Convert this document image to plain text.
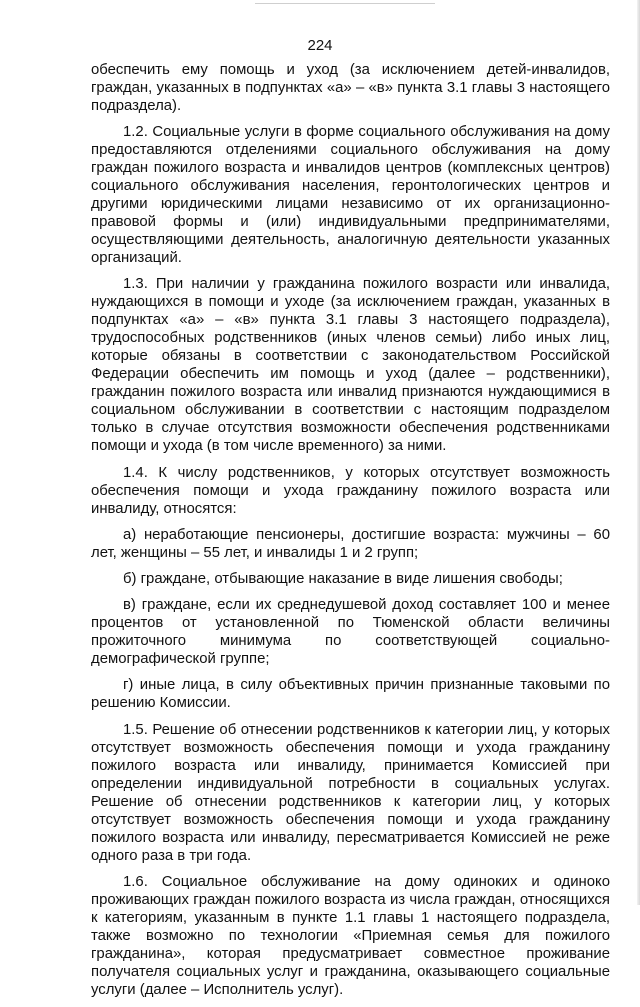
224

обеспечить ему помощь и уход (за исключением детей-инвалидов, граждан, указанных в подпунктах «а» – «в» пункта 3.1 главы 3 настоящего подраздела).

1.2. Социальные услуги в форме социального обслуживания на дому предоставляются отделениями социального обслуживания на дому граждан пожилого возраста и инвалидов центров (комплексных центров) социального обслуживания населения, геронтологических центров и другими юридическими лицами независимо от их организационно-правовой формы и (или) индивидуальными предпринимателями, осуществляющими деятельность, аналогичную деятельности указанных организаций.

1.3. При наличии у гражданина пожилого возрасти или инвалида, нуждающихся в помощи и уходе (за исключением граждан, указанных в подпунктах «а» – «в» пункта 3.1 главы 3 настоящего подраздела), трудоспособных родственников (иных членов семьи) либо иных лиц, которые обязаны в соответствии с законодательством Российской Федерации обеспечить им помощь и уход (далее – родственники), гражданин пожилого возраста или инвалид признаются нуждающимися в социальном обслуживании в соответствии с настоящим подразделом только в случае отсутствия возможности обеспечения родственниками помощи и ухода (в том числе временного) за ними.

1.4. К числу родственников, у которых отсутствует возможность обеспечения помощи и ухода гражданину пожилого возраста или инвалиду, относятся:

а) неработающие пенсионеры, достигшие возраста: мужчины – 60 лет, женщины – 55 лет, и инвалиды 1 и 2 групп;

б) граждане, отбывающие наказание в виде лишения свободы;

в) граждане, если их среднедушевой доход составляет 100 и менее процентов от установленной по Тюменской области величины прожиточного минимума по соответствующей социально-демографической группе;

г) иные лица, в силу объективных причин признанные таковыми по решению Комиссии.

1.5. Решение об отнесении родственников к категории лиц, у которых отсутствует возможность обеспечения помощи и ухода гражданину пожилого возраста или инвалиду, принимается Комиссией при определении индивидуальной потребности в социальных услугах. Решение об отнесении родственников к категории лиц, у которых отсутствует возможность обеспечения помощи и ухода гражданину пожилого возраста или инвалиду, пересматривается Комиссией не реже одного раза в три года.

1.6. Социальное обслуживание на дому одиноких и одиноко проживающих граждан пожилого возраста из числа граждан, относящихся к категориям, указанным в пункте 1.1 главы 1 настоящего подраздела, также возможно по технологии «Приемная семья для пожилого гражданина», которая предусматривает совместное проживание получателя социальных услуг и гражданина, оказывающего социальные услуги (далее – Исполнитель услуг).
